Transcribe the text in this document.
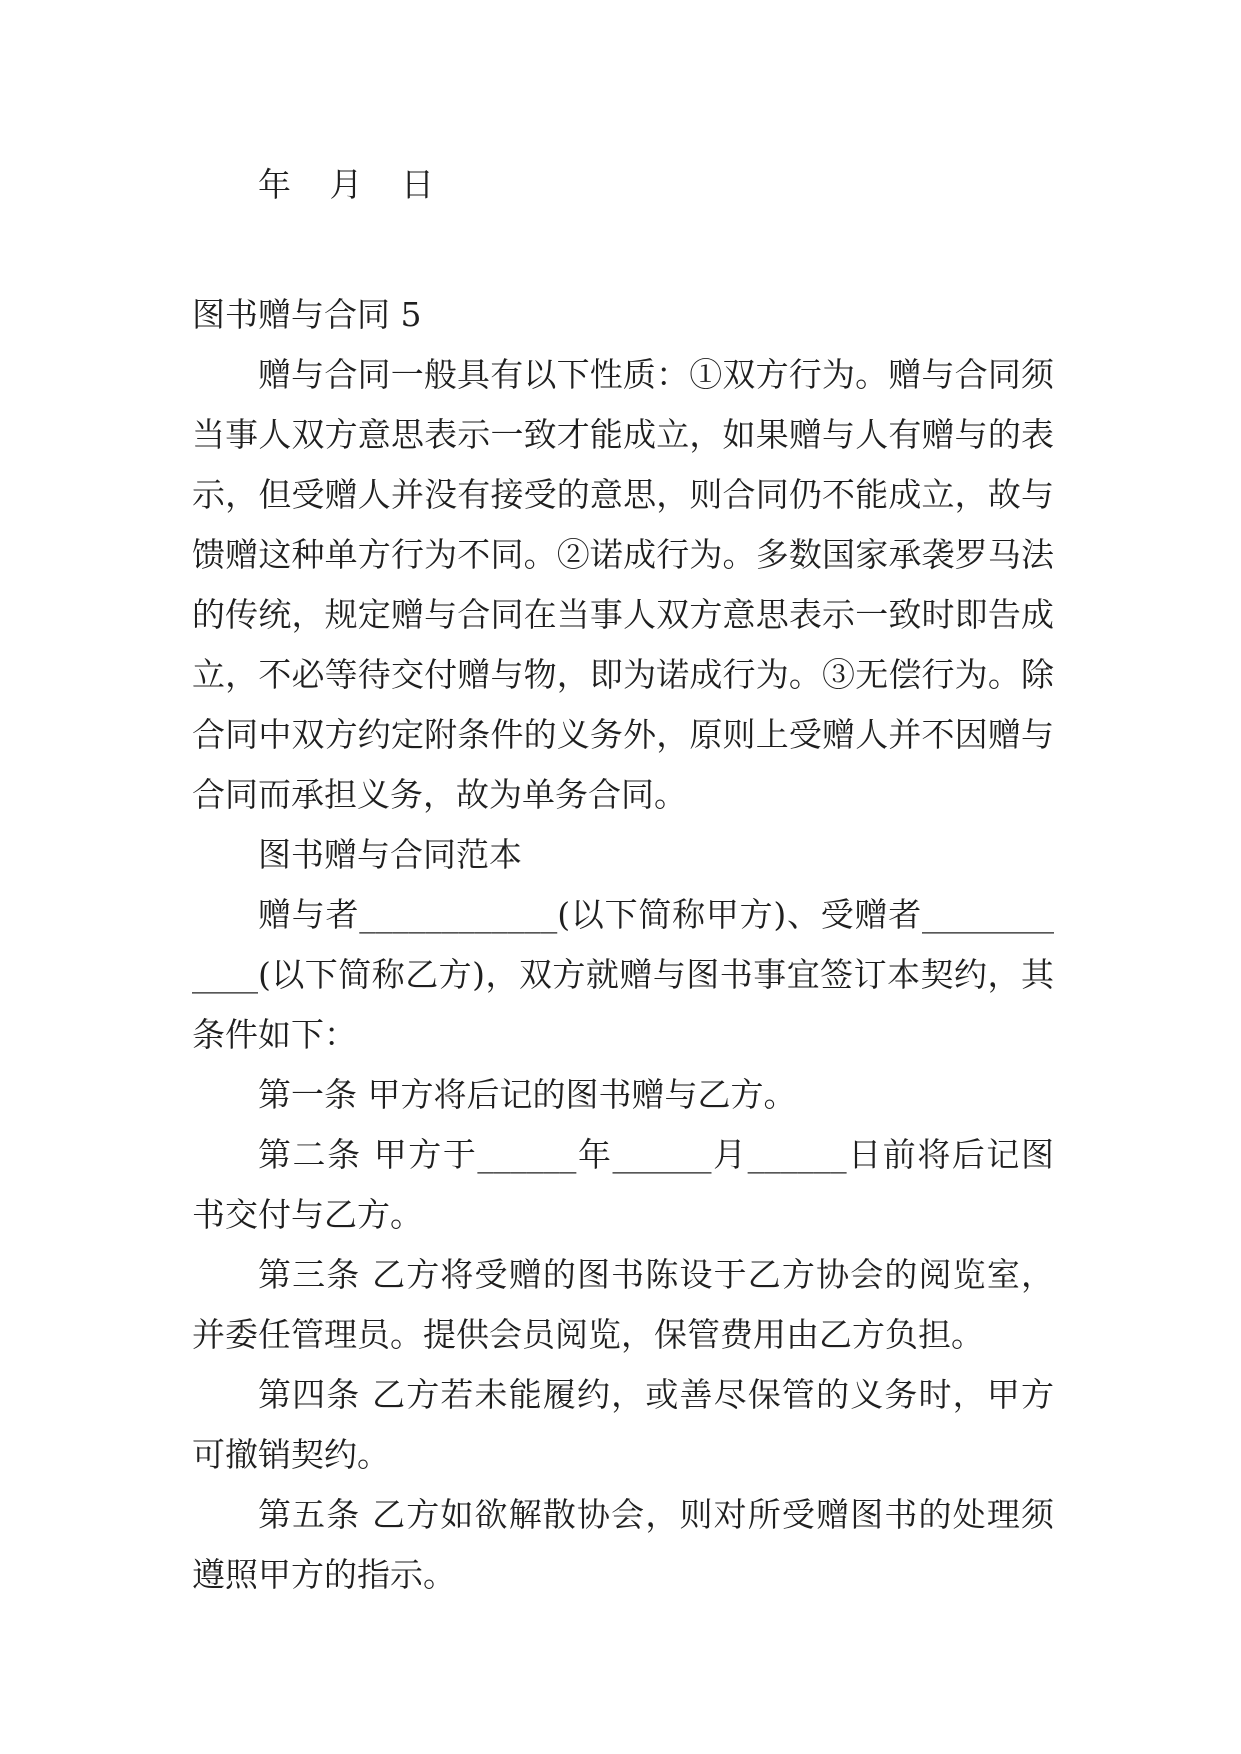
年 月 日

图书赠与合同 5

赠与合同一般具有以下性质：①双方行为。赠与合同须当事人双方意思表示一致才能成立，如果赠与人有赠与的表示，但受赠人并没有接受的意思，则合同仍不能成立，故与馈赠这种单方行为不同。②诺成行为。多数国家承袭罗马法的传统，规定赠与合同在当事人双方意思表示一致时即告成立，不必等待交付赠与物，即为诺成行为。③无偿行为。除合同中双方约定附条件的义务外，原则上受赠人并不因赠与合同而承担义务，故为单务合同。

图书赠与合同范本

赠与者____________(以下简称甲方)、受赠者____________(以下简称乙方)，双方就赠与图书事宜签订本契约，其条件如下：

第一条 甲方将后记的图书赠与乙方。

第二条 甲方于______年______月______日前将后记图书交付与乙方。

第三条 乙方将受赠的图书陈设于乙方协会的阅览室，并委任管理员。提供会员阅览，保管费用由乙方负担。

第四条 乙方若未能履约，或善尽保管的义务时，甲方可撤销契约。

第五条 乙方如欲解散协会，则对所受赠图书的处理须遵照甲方的指示。
